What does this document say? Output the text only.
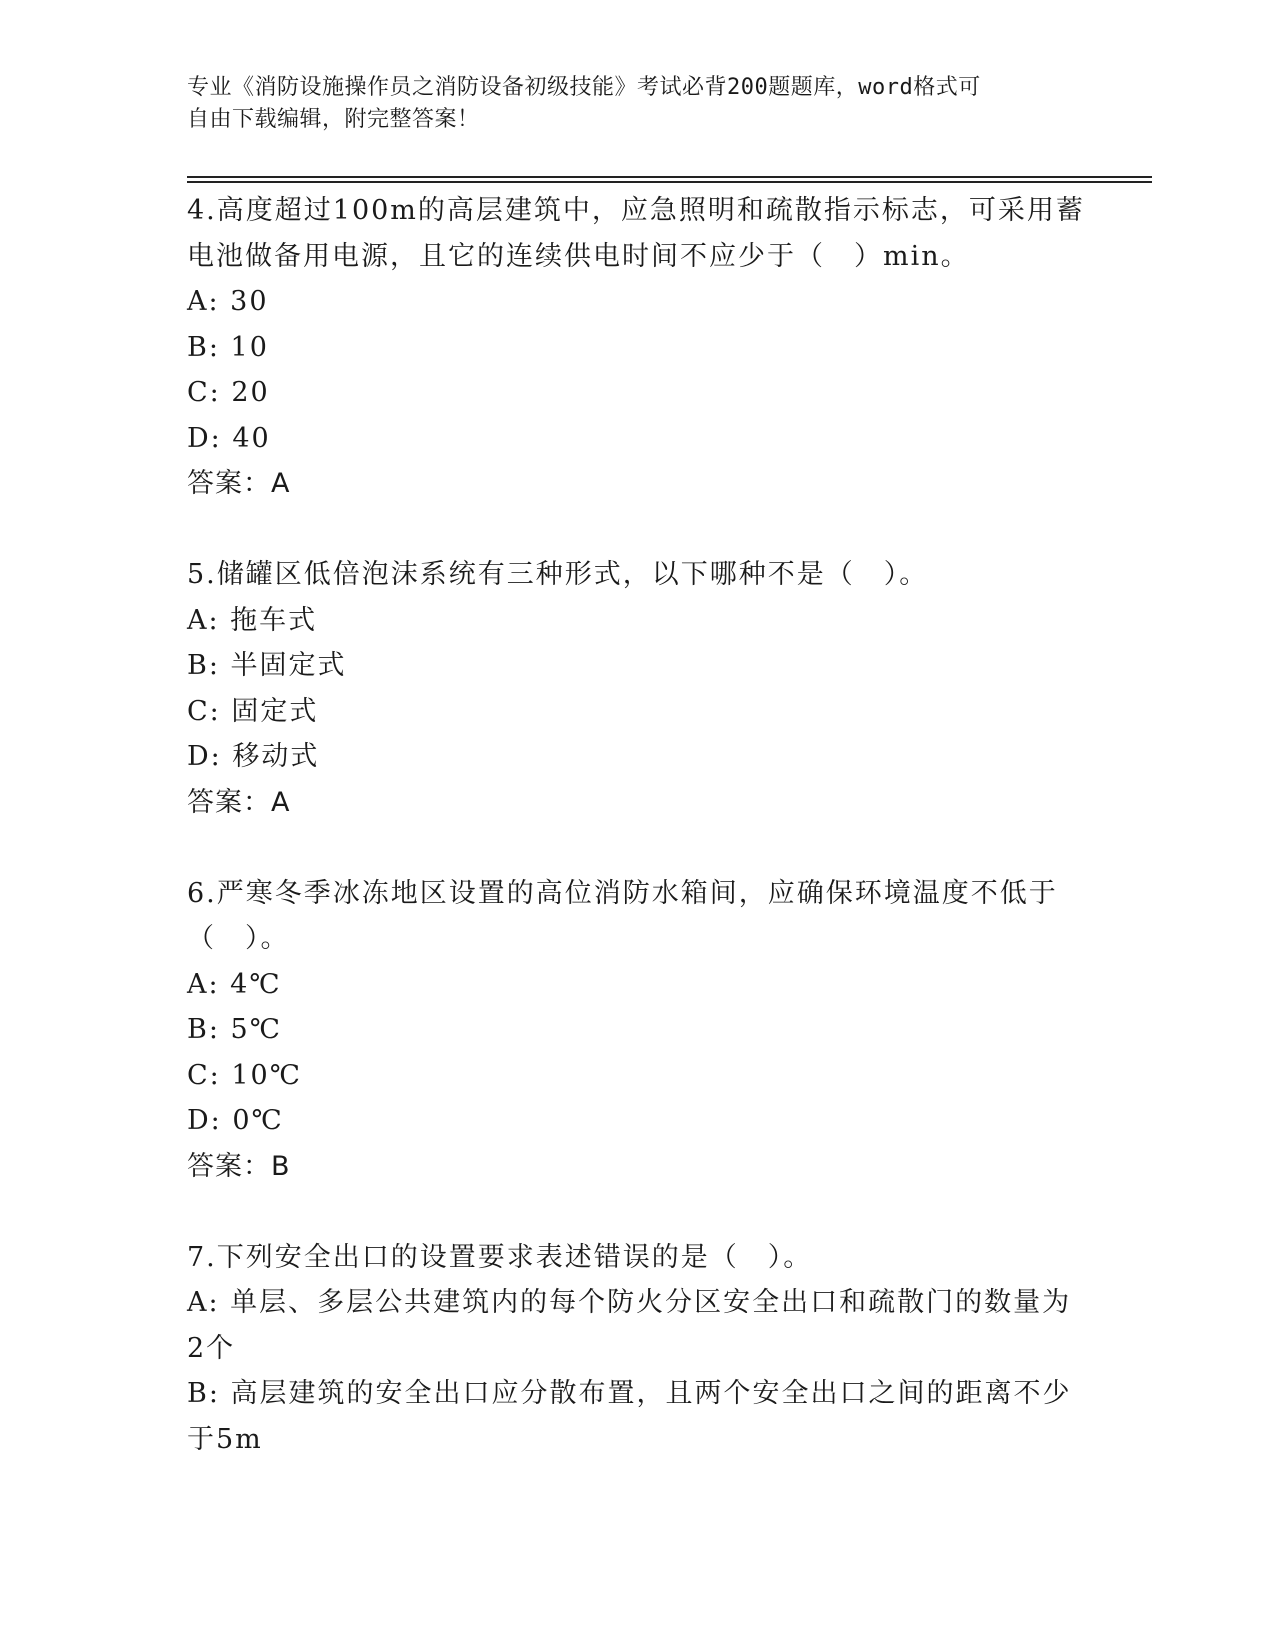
专业《消防设施操作员之消防设备初级技能》考试必背200题题库，word格式可
自由下载编辑，附完整答案！
4.高度超过100m的高层建筑中，应急照明和疏散指示标志，可采用蓄
电池做备用电源，且它的连续供电时间不应少于（　）min。
A: 30
B: 10
C: 20
D: 40
答案：A
5.储罐区低倍泡沫系统有三种形式，以下哪种不是（　）。
A: 拖车式
B: 半固定式
C: 固定式
D: 移动式
答案：A
6.严寒冬季冰冻地区设置的高位消防水箱间，应确保环境温度不低于
（　）。
A: 4℃
B: 5℃
C: 10℃
D: 0℃
答案：B
7.下列安全出口的设置要求表述错误的是（　）。
A: 单层、多层公共建筑内的每个防火分区安全出口和疏散门的数量为
2个
B: 高层建筑的安全出口应分散布置，且两个安全出口之间的距离不少
于5m
